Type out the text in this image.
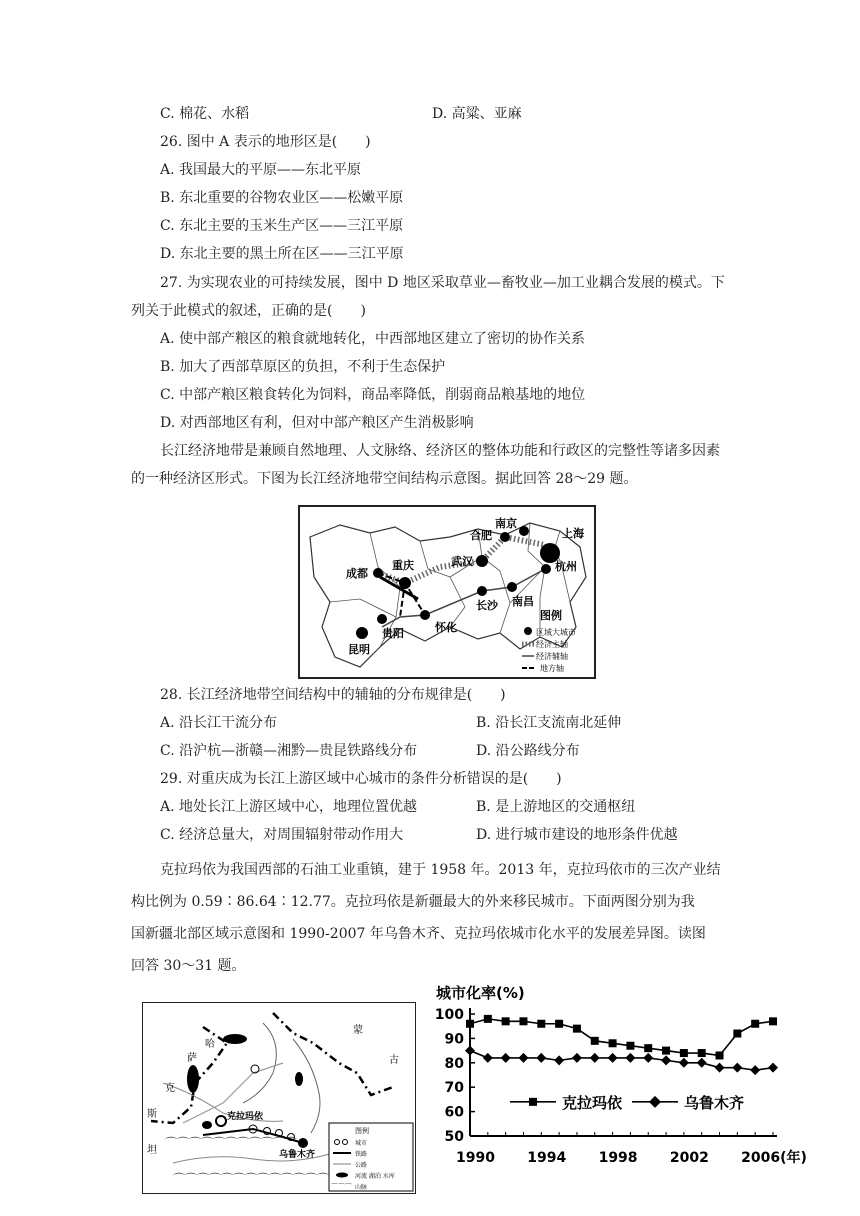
C. 棉花、水稻	D. 高粱、亚麻
26. 图中 A 表示的地形区是(　　)
A. 我国最大的平原——东北平原
B. 东北重要的谷物农业区——松嫩平原
C. 东北主要的玉米生产区——三江平原
D. 东北主要的黑土所在区——三江平原
27. 为实现农业的可持续发展，图中 D 地区采取草业—畜牧业—加工业耦合发展的模式。下
列关于此模式的叙述，正确的是(　　)
A. 使中部产粮区的粮食就地转化，中西部地区建立了密切的协作关系
B. 加大了西部草原区的负担，不利于生态保护
C. 中部产粮区粮食转化为饲料，商品率降低，削弱商品粮基地的地位
D. 对西部地区有利，但对中部产粮区产生消极影响
长江经济地带是兼顾自然地理、人文脉络、经济区的整体功能和行政区的完整性等诸多因素
的一种经济区形式。下图为长江经济地带空间结构示意图。据此回答 28～29 题。
成都
重庆	武汉
合肥
南京
上海
杭州
南昌
长沙
怀化
贵阳
昆明
图例
区域大城市
经济主轴
经济辅轴
地方轴
28. 长江经济地带空间结构中的辅轴的分布规律是(　　)
A. 沿长江干流分布	B. 沿长江支流南北延伸
C. 沿沪杭—浙赣—湘黔—贵昆铁路线分布	D. 沿公路线分布
29. 对重庆成为长江上游区域中心城市的条件分析错误的是(　　)
A. 地处长江上游区域中心，地理位置优越	B. 是上游地区的交通枢纽
C. 经济总量大，对周围辐射带动作用大	D. 进行城市建设的地形条件优越
克拉玛依为我国西部的石油工业重镇，建于 1958 年。2013 年，克拉玛依市的三次产业结
构比例为 0.59∶86.64∶12.77。克拉玛依是新疆最大的外来移民城市。下面两图分别为我
国新疆北部区域示意图和 1990-2007 年乌鲁木齐、克拉玛依城市化水平的发展差异图。读图
回答 30～31 题。
⌒⌒⌒⌒⌒⌒⌒⌒⌒⌒⌒
⌒⌒⌒⌒⌒⌒⌒⌒⌒⌒⌒⌒⌒
哈
萨
克
斯
坦
蒙
古
克拉玛依
乌鲁木齐
图例
城市
铁路
公路
河流 湖泊 水库
⌒⌒⌒ 山脉
城市化率(%)
100
90
80
70
60
50
1990 1994 1998 2002 2006(年)
克拉玛依	乌鲁木齐
